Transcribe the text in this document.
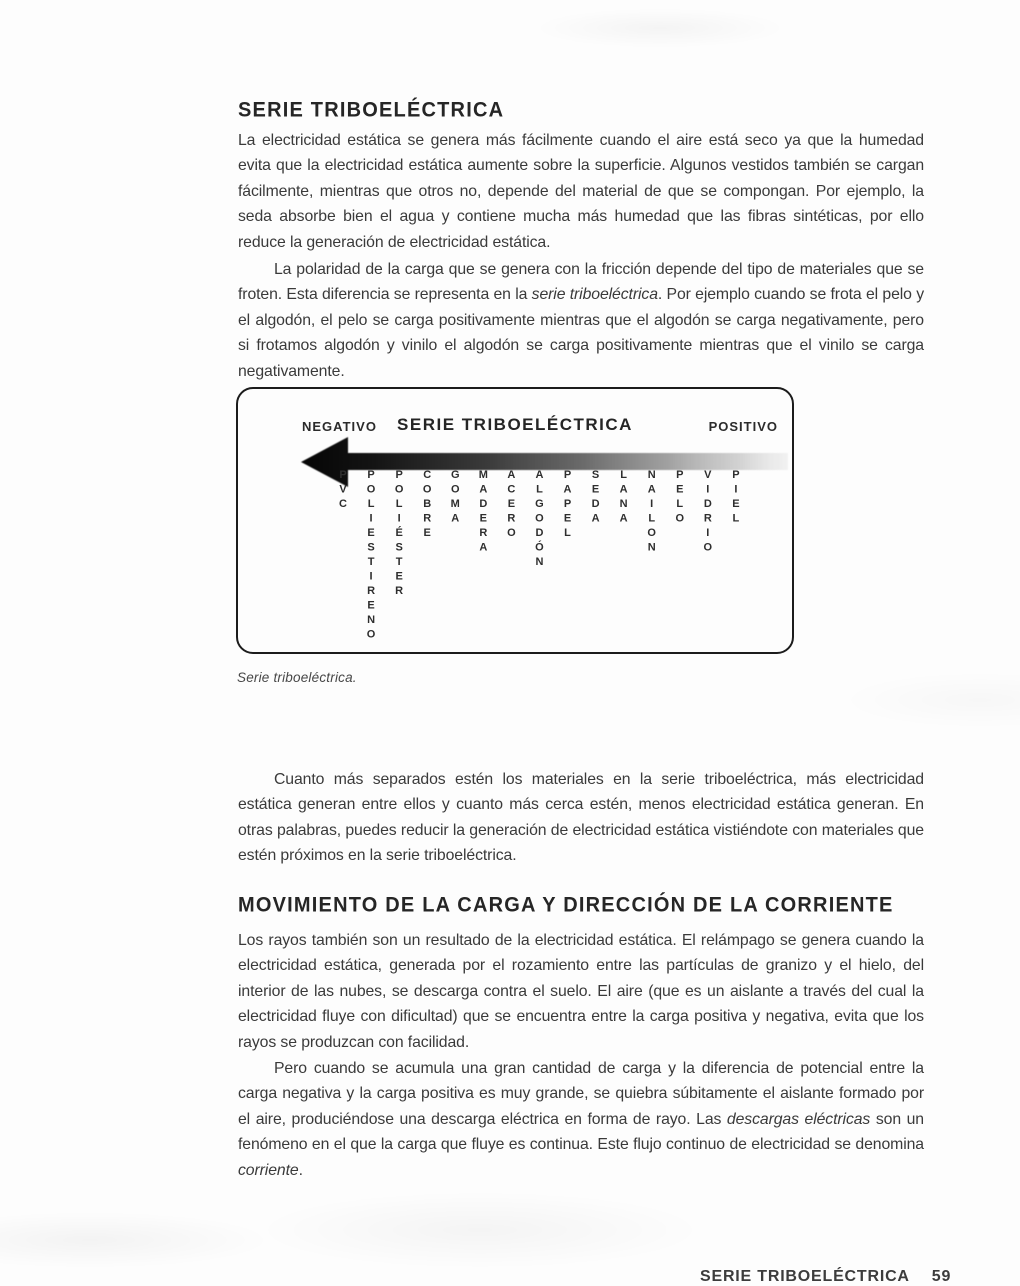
SERIE TRIBOELÉCTRICA

La electricidad estática se genera más fácilmente cuando el aire está seco ya que la humedad evita que la electricidad estática aumente sobre la superficie. Algunos vestidos también se cargan fácilmente, mientras que otros no, depende del material de que se compongan. Por ejemplo, la seda absorbe bien el agua y contiene mucha más humedad que las fibras sintéticas, por ello reduce la generación de electricidad estática.

La polaridad de la carga que se genera con la fricción depende del tipo de materiales que se froten. Esta diferencia se representa en la serie triboeléctrica. Por ejemplo cuando se frota el pelo y el algodón, el pelo se carga positivamente mientras que el algodón se carga negativamente, pero si frotamos algodón y vinilo el algodón se carga positivamente mientras que el vinilo se carga negativamente.

NEGATIVO	SERIE TRIBOELÉCTRICA	POSITIVO
PVC POLIESTIRENO POLIÉSTER COBRE GOMA MADERA ACERO ALGODÓN PAPEL SEDA LANA NAILON PELO VIDRIO PIEL
Serie triboeléctrica.

Cuanto más separados estén los materiales en la serie triboeléctrica, más electricidad estática generan entre ellos y cuanto más cerca estén, menos electricidad estática generan. En otras palabras, puedes reducir la generación de electricidad estática vistiéndote con materiales que estén próximos en la serie triboeléctrica.

MOVIMIENTO DE LA CARGA Y DIRECCIÓN DE LA CORRIENTE

Los rayos también son un resultado de la electricidad estática. El relámpago se genera cuando la electricidad estática, generada por el rozamiento entre las partículas de granizo y el hielo, del interior de las nubes, se descarga contra el suelo. El aire (que es un aislante a través del cual la electricidad fluye con dificultad) que se encuentra entre la carga positiva y negativa, evita que los rayos se produzcan con facilidad.

Pero cuando se acumula una gran cantidad de carga y la diferencia de potencial entre la carga negativa y la carga positiva es muy grande, se quiebra súbitamente el aislante formado por el aire, produciéndose una descarga eléctrica en forma de rayo. Las descargas eléctricas son un fenómeno en el que la carga que fluye es continua. Este flujo continuo de electricidad se denomina corriente.

SERIE TRIBOELÉCTRICA 59
